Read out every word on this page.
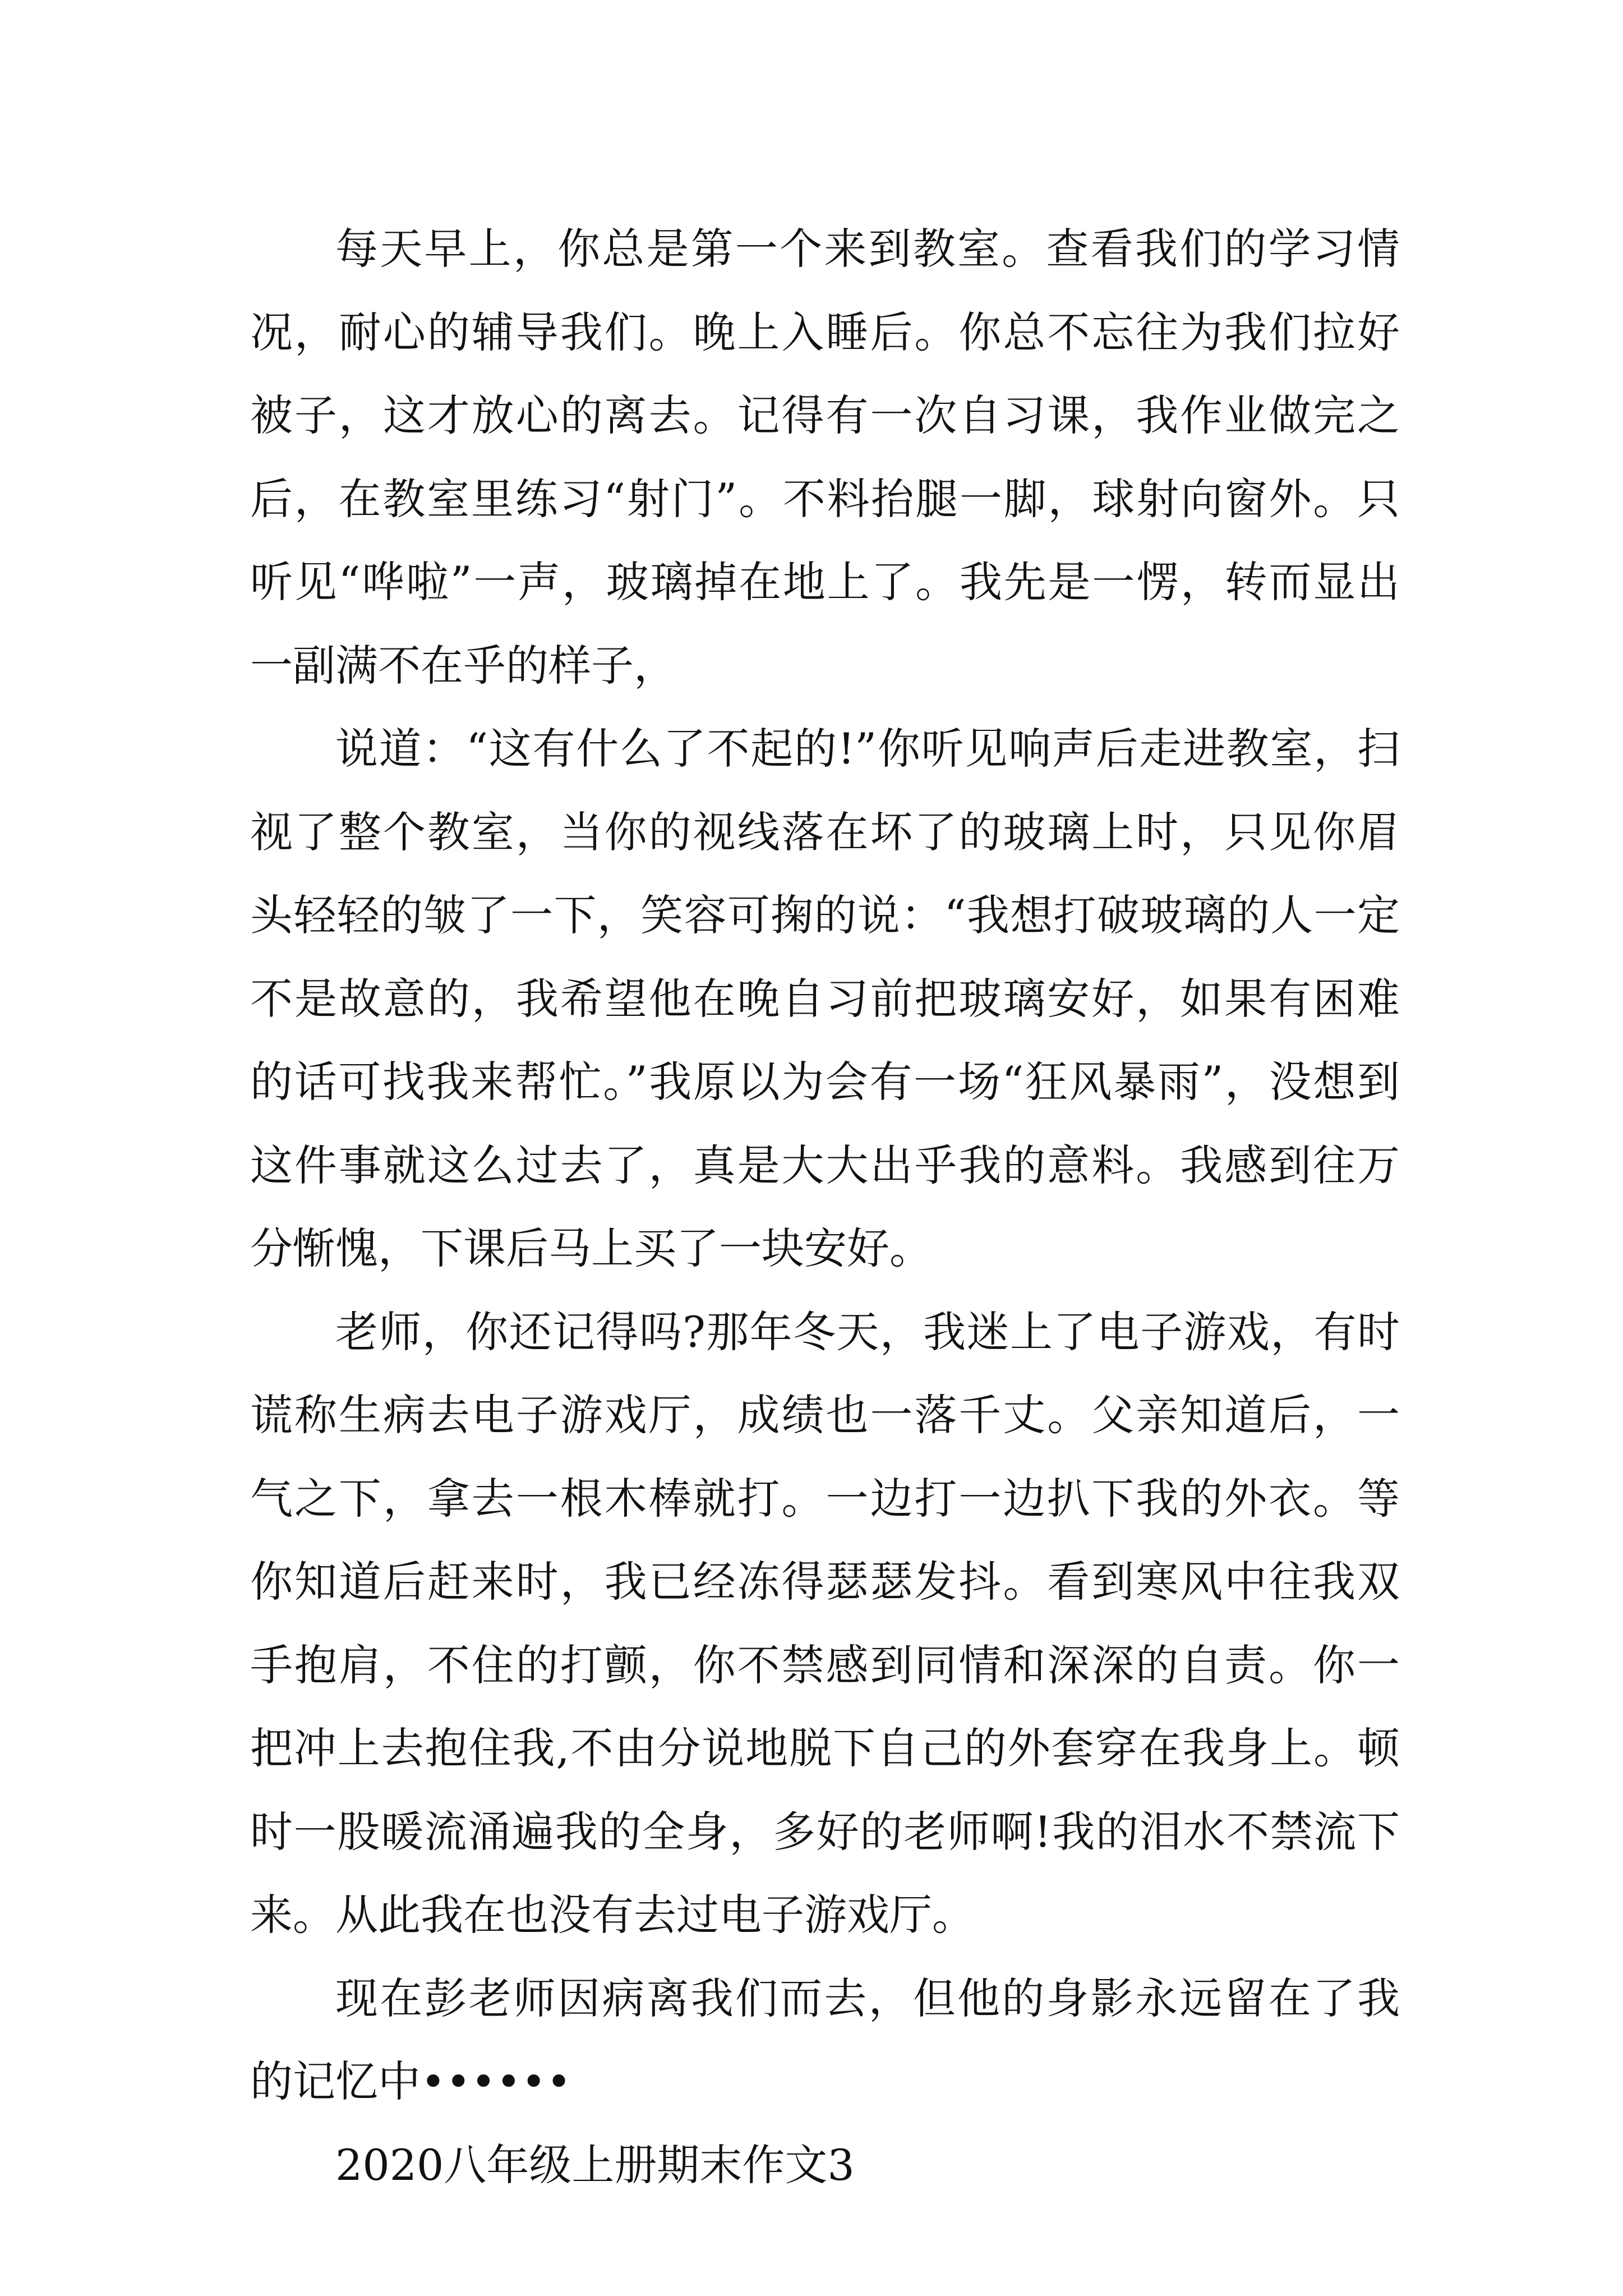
每天早上，你总是第一个来到教室。查看我们的学习情况，耐心的辅导我们。晚上入睡后。你总不忘往为我们拉好被子，这才放心的离去。记得有一次自习课，我作业做完之后，在教室里练习“射门”。不料抬腿一脚，球射向窗外。只听见“哗啦”一声，玻璃掉在地上了。我先是一愣，转而显出一副满不在乎的样子，

说道：“这有什么了不起的!”你听见响声后走进教室，扫视了整个教室，当你的视线落在坏了的玻璃上时，只见你眉头轻轻的皱了一下，笑容可掬的说：“我想打破玻璃的人一定不是故意的，我希望他在晚自习前把玻璃安好，如果有困难的话可找我来帮忙。”我原以为会有一场“狂风暴雨”，没想到这件事就这么过去了，真是大大出乎我的意料。我感到往万分惭愧，下课后马上买了一块安好。

老师，你还记得吗?那年冬天，我迷上了电子游戏，有时谎称生病去电子游戏厅，成绩也一落千丈。父亲知道后，一气之下，拿去一根木棒就打。一边打一边扒下我的外衣。等你知道后赶来时，我已经冻得瑟瑟发抖。看到寒风中往我双手抱肩，不住的打颤，你不禁感到同情和深深的自责。你一把冲上去抱住我,不由分说地脱下自己的外套穿在我身上。顿时一股暖流涌遍我的全身，多好的老师啊!我的泪水不禁流下来。从此我在也没有去过电子游戏厅。

现在彭老师因病离我们而去，但他的身影永远留在了我的记忆中••••••

2020八年级上册期末作文3
